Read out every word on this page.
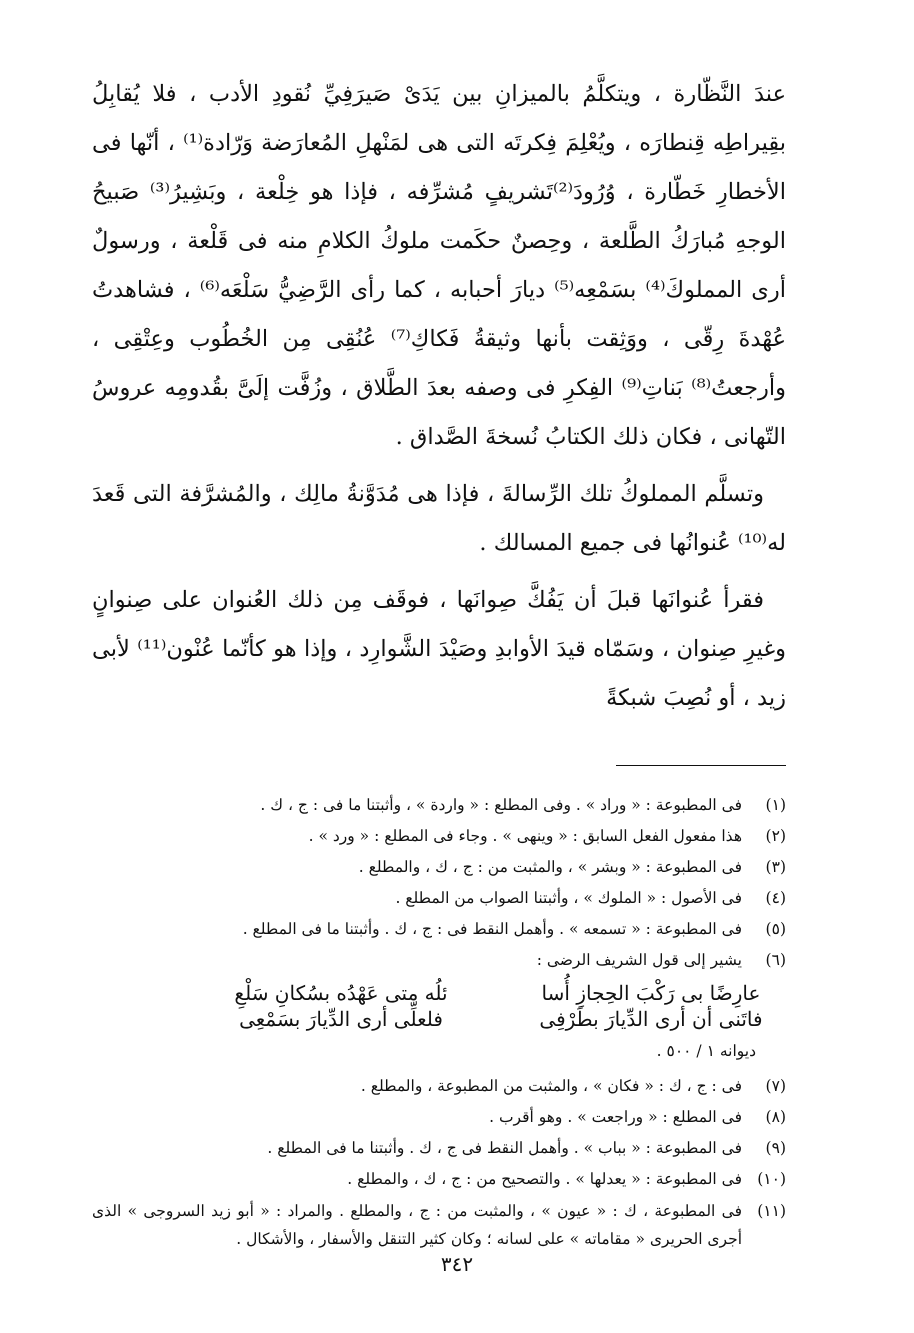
عندَ النَّظّارة ، ويتكلَّمُ بالميزانِ بين يَدَىْ صَيرَفِيِّ نُقودِ الأدب ، فلا يُقابِلُ بقِيراطِه قِنطارَه ، ويُعْلِمَ فِكرتَه التى هى لمَنْهلِ المُعارَضة وَرّادة⁽¹⁾ ، أنّها فى الأخطارِ خَطّارة ، وُرُودَ⁽²⁾تَشريفٍ مُشرِّفه ، فإذا هو خِلْعة ، وبَشِيرُ⁽³⁾ صَبيحُ الوجهِ مُبارَكُ الطَّلعة ، وحِصنٌ حكَمت ملوكُ الكلامِ منه فى قَلْعة ، ورسولٌ أرى المملوكَ⁽⁴⁾ بسَمْعِه⁽⁵⁾ ديارَ أحبابه ، كما رأى الرَّضِيُّ سَلْعَه⁽⁶⁾ ، فشاهدتُ عُهْدةَ رِقّى ، ووَثِقت بأنها وثيقةُ فَكاكِ⁽⁷⁾ عُنُقِى مِن الخُطُوب وعِتْقِى ، وأرجعتُ⁽⁸⁾ بَناتِ⁽⁹⁾ الفِكرِ فى وصفه بعدَ الطَّلاق ، وزُفَّت إلَىَّ بقُدومِه عروسُ التّهانى ، فكان ذلك الكتابُ نُسخةَ الصَّداق .

وتسلَّم المملوكُ تلك الرِّسالةَ ، فإذا هى مُدَوَّنةُ مالِك ، والمُشرَّفة التى قَعدَ له⁽¹⁰⁾ عُنوانُها فى جميع المسالك .

فقرأ عُنوانَها قبلَ أن يَفُكَّ صِوانَها ، فوقَف مِن ذلك العُنوان على صِنوانٍ وغيرِ صِنوان ، وسَمّاه قيدَ الأوابدِ وصَيْدَ الشَّوارِد ، وإذا هو كأنّما عُنْون⁽¹¹⁾ لأبى زيد ، أو نُصِبَ شبكةً

(١)
فى المطبوعة : « وراد » . وفى المطلع : « واردة » ، وأثبتنا ما فى : ج ، ك .
(٢)
هذا مفعول الفعل السابق : « وينهى » . وجاء فى المطلع : « ورد » .
(٣)
فى المطبوعة : « وبشر » ، والمثبت من : ج ، ك ، والمطلع .
(٤)
فى الأصول : « الملوك » ، وأثبتنا الصواب من المطلع .
(٥)
فى المطبوعة : « تسمعه » . وأهمل النقط فى : ج ، ك . وأثبتنا ما فى المطلع .
(٦)
يشير إلى قول الشريف الرضى :
عارِضًا بى رَكْبَ الحِجازِ أُسا
ئلُه متى عَهْدُه بسُكانِ سَلْعِ
فاتَنى أن أرى الدِّيارَ بطَرْفِى
فلعلِّى أرى الدِّيارَ بسَمْعِى
ديوانه ١ / ٥٠٠ .
(٧)
فى : ج ، ك : « فكان » ، والمثبت من المطبوعة ، والمطلع .
(٨)
فى المطلع : « وراجعت » . وهو أقرب .
(٩)
فى المطبوعة : « بباب » . وأهمل النقط فى ج ، ك . وأثبتنا ما فى المطلع .
(١٠)
فى المطبوعة : « يعدلها » . والتصحيح من : ج ، ك ، والمطلع .
(١١)
فى المطبوعة ، ك : « عيون » ، والمثبت من : ج ، والمطلع . والمراد : « أبو زيد السروجى » الذى أجرى الحريرى « مقاماته » على لسانه ؛ وكان كثير التنقل والأسفار ، والأشكال .
٣٤٢
